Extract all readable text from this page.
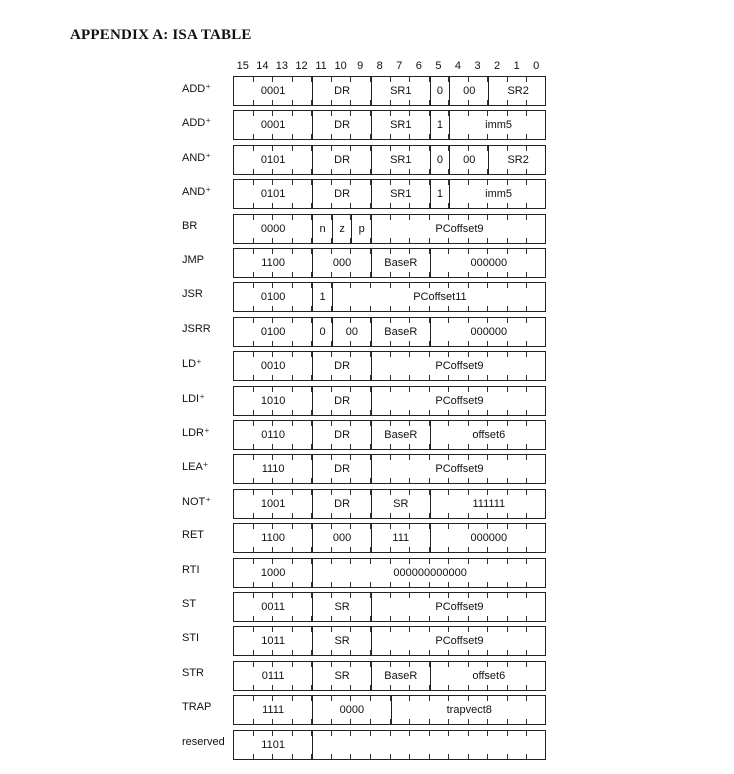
APPENDIX A: ISA TABLE
15 14 13 12 11 10 9	8	7	6	5	4	3	2	1	0
ADD⁺	0001	DR	SR1	0	00	SR2
ADD⁺	0001	DR	SR1	1	imm5
AND⁺	0101	DR	SR1	0	00	SR2
AND⁺	0101	DR	SR1	1	imm5
BR	0000	n	z	p	PCoffset9
JMP	1100	000	BaseR	000000
JSR	0100	1	PCoffset11
JSRR	0100	0	00	BaseR	000000
LD⁺	0010	DR	PCoffset9
LDI⁺	1010	DR	PCoffset9
LDR⁺	0110	DR	BaseR	offset6
LEA⁺	1110	DR	PCoffset9
NOT⁺	1001	DR	SR	111111
RET	1100	000	111	000000
RTI	1000	000000000000
ST	0011	SR	PCoffset9
STI	1011	SR	PCoffset9
STR	0111	SR	BaseR	offset6
TRAP	1111	0000	trapvect8
reserved	1101
